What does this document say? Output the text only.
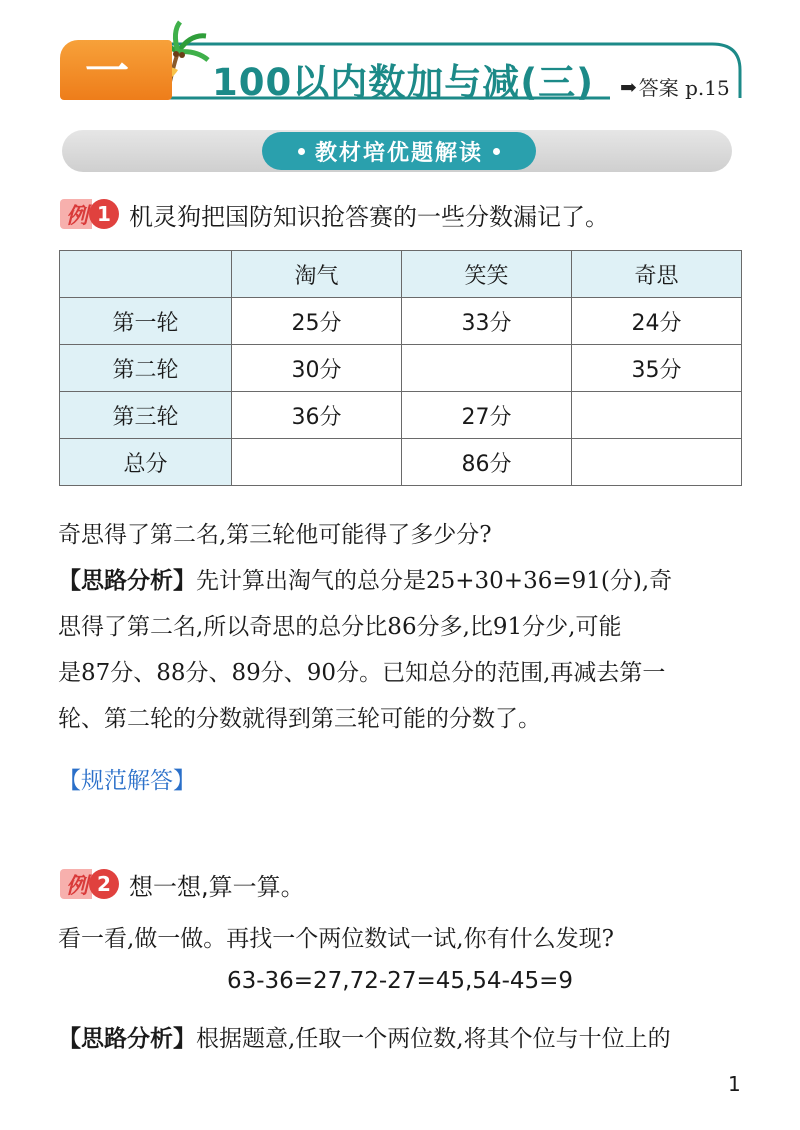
一 100以内数加与减(三) ➡ 答案 p.15
教材培优题解读
例 1 机灵狗把国防知识抢答赛的一些分数漏记了。
	淘气	笑笑	奇思
第一轮	25分	33分	24分
第二轮	30分		35分
第三轮	36分	27分	
总分		86分	
奇思得了第二名,第三轮他可能得了多少分?
【思路分析】先计算出淘气的总分是25+30+36=91(分),奇
思得了第二名,所以奇思的总分比86分多,比91分少,可能
是87分、88分、89分、90分。已知总分的范围,再减去第一
轮、第二轮的分数就得到第三轮可能的分数了。
【规范解答】
例 2 想一想,算一算。
看一看,做一做。再找一个两位数试一试,你有什么发现?
63-36=27,72-27=45,54-45=9
【思路分析】根据题意,任取一个两位数,将其个位与十位上的
1
